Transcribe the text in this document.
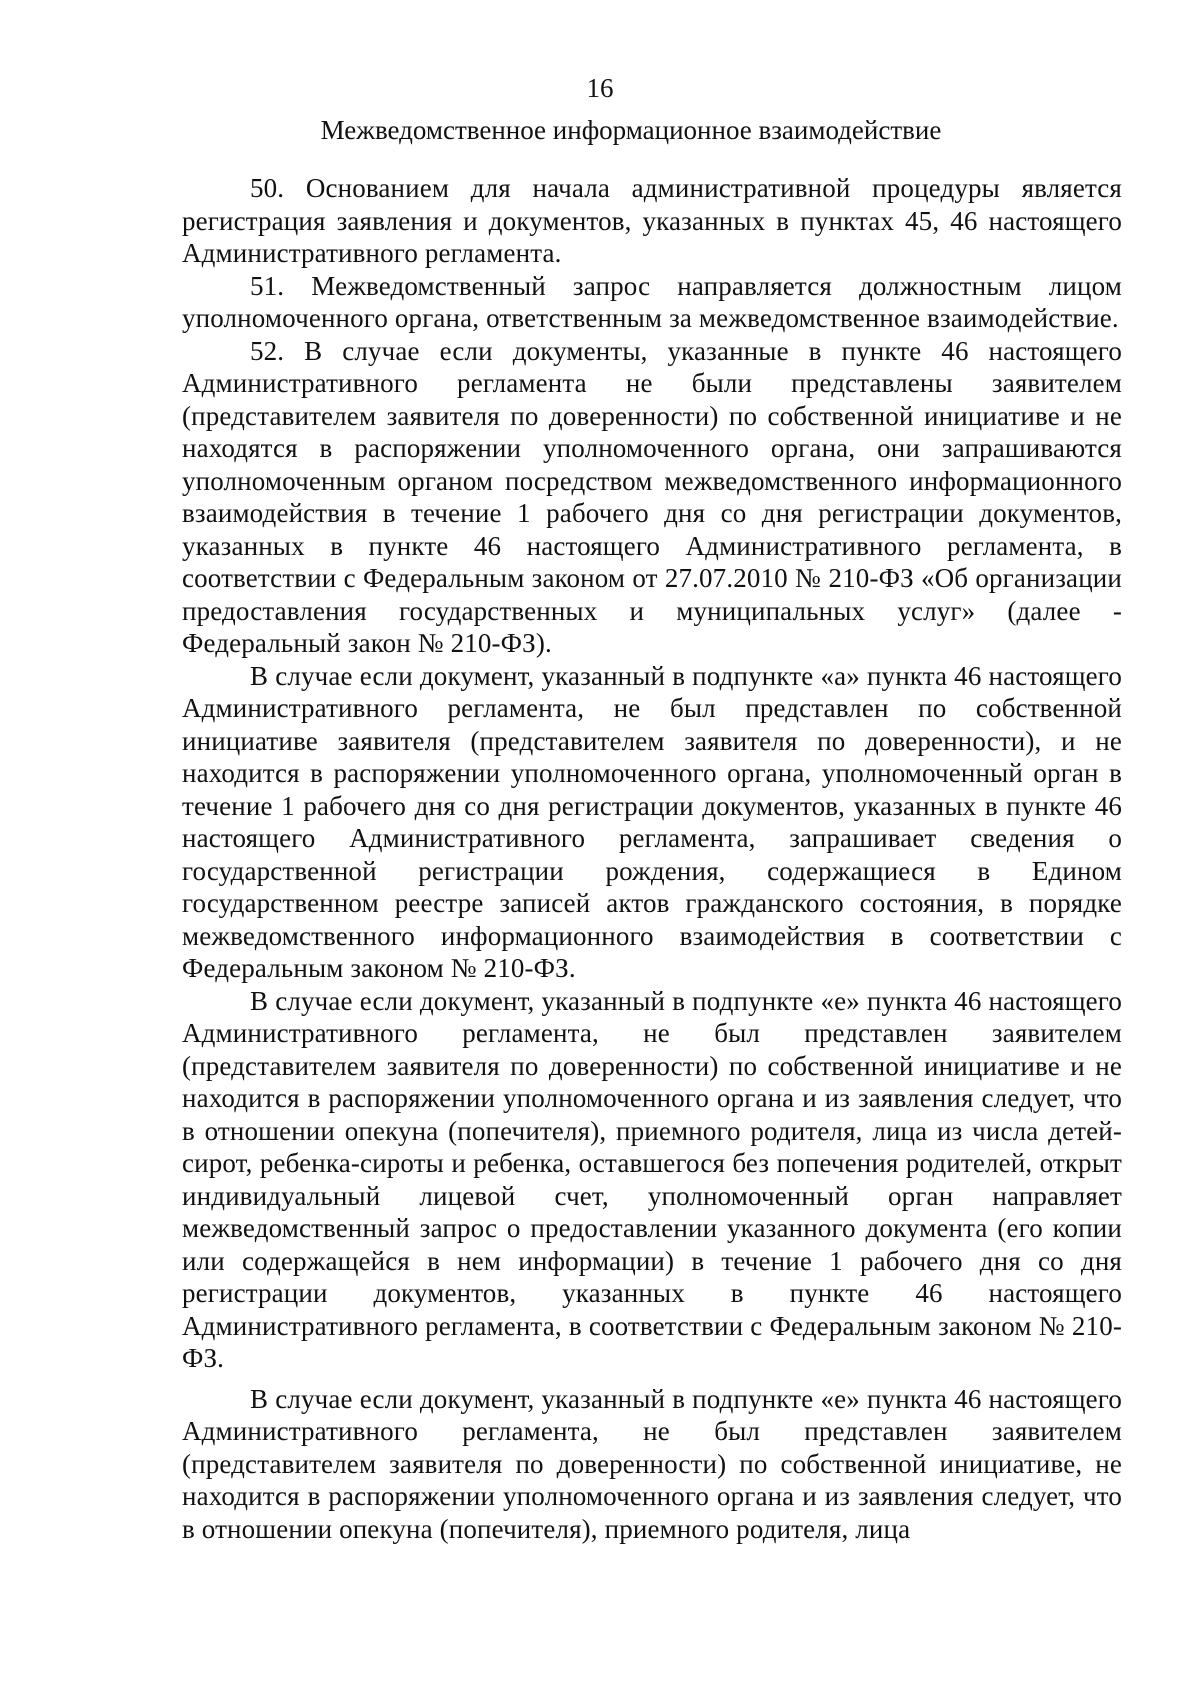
16
Межведомственное информационное взаимодействие

50. Основанием для начала административной процедуры является регистрация заявления и документов, указанных в пунктах 45, 46 настоящего Административного регламента.

51. Межведомственный запрос направляется должностным лицом уполномоченного органа, ответственным за межведомственное взаимодействие.

52. В случае если документы, указанные в пункте 46 настоящего Административного регламента не были представлены заявителем (представителем заявителя по доверенности) по собственной инициативе и не находятся в распоряжении уполномоченного органа, они запрашиваются уполномоченным органом посредством межведомственного информационного взаимодействия в течение 1 рабочего дня со дня регистрации документов, указанных в пункте 46 настоящего Административного регламента, в соответствии с Федеральным законом от 27.07.2010 № 210-ФЗ «Об организации предоставления государственных и муниципальных услуг» (далее - Федеральный закон № 210-ФЗ).

В случае если документ, указанный в подпункте «а» пункта 46 настоящего Административного регламента, не был представлен по собственной инициативе заявителя (представителем заявителя по доверенности), и не находится в распоряжении уполномоченного органа, уполномоченный орган в течение 1 рабочего дня со дня регистрации документов, указанных в пункте 46 настоящего Административного регламента, запрашивает сведения о государственной регистрации рождения, содержащиеся в Едином государственном реестре записей актов гражданского состояния, в порядке межведомственного информационного взаимодействия в соответствии с Федеральным законом № 210-ФЗ.

В случае если документ, указанный в подпункте «е» пункта 46 настоящего Административного регламента, не был представлен заявителем (представителем заявителя по доверенности) по собственной инициативе и не находится в распоряжении уполномоченного органа и из заявления следует, что в отношении опекуна (попечителя), приемного родителя, лица из числа детей-сирот, ребенка-сироты и ребенка, оставшегося без попечения родителей, открыт индивидуальный лицевой счет, уполномоченный орган направляет межведомственный запрос о предоставлении указанного документа (его копии или содержащейся в нем информации) в течение 1 рабочего дня со дня регистрации документов, указанных в пункте 46 настоящего Административного регламента, в соответствии с Федеральным законом № 210-ФЗ.

В случае если документ, указанный в подпункте «е» пункта 46 настоящего Административного регламента, не был представлен заявителем (представителем заявителя по доверенности) по собственной инициативе, не находится в распоряжении уполномоченного органа и из заявления следует, что в отношении опекуна (попечителя), приемного родителя, лица
